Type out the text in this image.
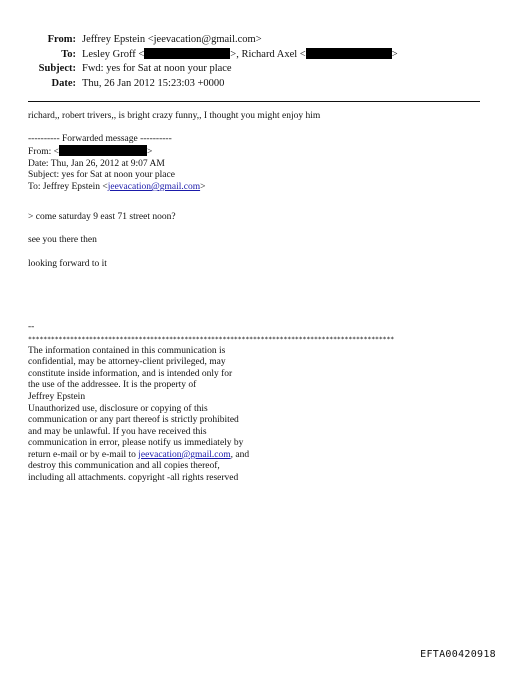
From: Jeffrey Epstein <jeevacation@gmail.com>
To: Lesley Groff <	>, Richard Axel <	>
Subject: Fwd: yes for Sat at noon your place
Date: Thu, 26 Jan 2012 15:23:03 +0000
richard,, robert trivers,, is bright crazy funny,, I thought you might enjoy him
---------- Forwarded message ----------
From: <	>
Date: Thu, Jan 26, 2012 at 9:07 AM
Subject: yes for Sat at noon your place
To: Jeffrey Epstein <jeevacation@gmail.com>
> come saturday 9 east 71 street noon?
see you there then
looking forward to it
--
************************************************************************************************
The information contained in this communication is
confidential, may be attorney-client privileged, may
constitute inside information, and is intended only for
the use of the addressee. It is the property of
Jeffrey Epstein
Unauthorized use, disclosure or copying of this
communication or any part thereof is strictly prohibited
and may be unlawful. If you have received this
communication in error, please notify us immediately by
return e-mail or by e-mail to jeevacation@gmail.com, and
destroy this communication and all copies thereof,
including all attachments. copyright -all rights reserved
EFTA00420918
